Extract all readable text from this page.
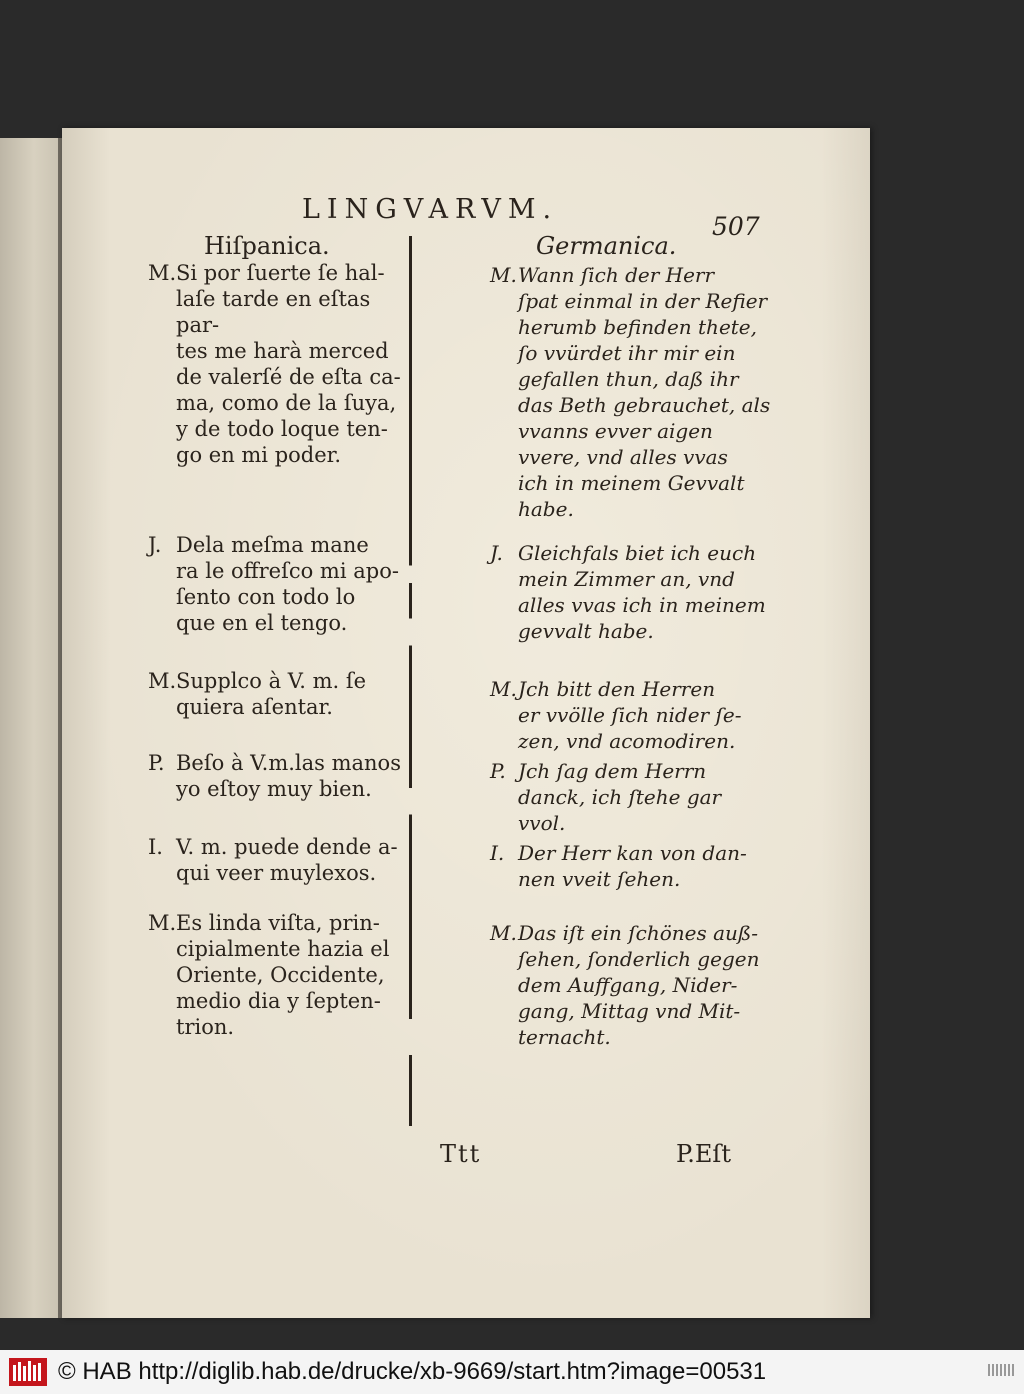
LINGVARVM.
507
Hiſpanica.	Germanica.
M. Si por ſuerte ſe hal-
laſe tarde en eſtas par-
tes me harà merced
de valerſé de eſta ca-
ma, como de la ſuya,
y de todo loque ten-
go en mi poder.

J. Dela meſma mane
ra le offreſco mi apo-
ſento con todo lo
que en el tengo.

M. Supplco à V. m. ſe
quiera aſentar.

P. Beſo à V.m.las manos
yo eſtoy muy bien.

I. V. m. puede dende a-
qui veer muylexos.

M. Es linda viſta, prin-
cipialmente hazia el
Oriente, Occidente,
medio dia y ſepten-
trion.

M. Wann ſich der Herr
ſpat einmal in der Refier
herumb befinden thete,
ſo vvürdet ihr mir ein
gefallen thun, daß ihr
das Beth gebrauchet, als
vvanns evver aigen
vvere, vnd alles vvas
ich in meinem Gevvalt
habe.

J. Gleichfals biet ich euch
mein Zimmer an, vnd
alles vvas ich in meinem
gevvalt habe.

M. Jch bitt den Herren
er vvölle ſich nider ſe-
zen, vnd acomodiren.

P. Jch ſag dem Herrn
danck, ich ſtehe gar
vvol.

I. Der Herr kan von dan-
nen vveit ſehen.

M. Das iſt ein ſchönes auß-
ſehen, ſonderlich gegen
dem Auffgang, Nider-
gang, Mittag vnd Mit-
ternacht.

Ttt	P.Eſt
© HAB http://diglib.hab.de/drucke/xb-9669/start.htm?image=00531
